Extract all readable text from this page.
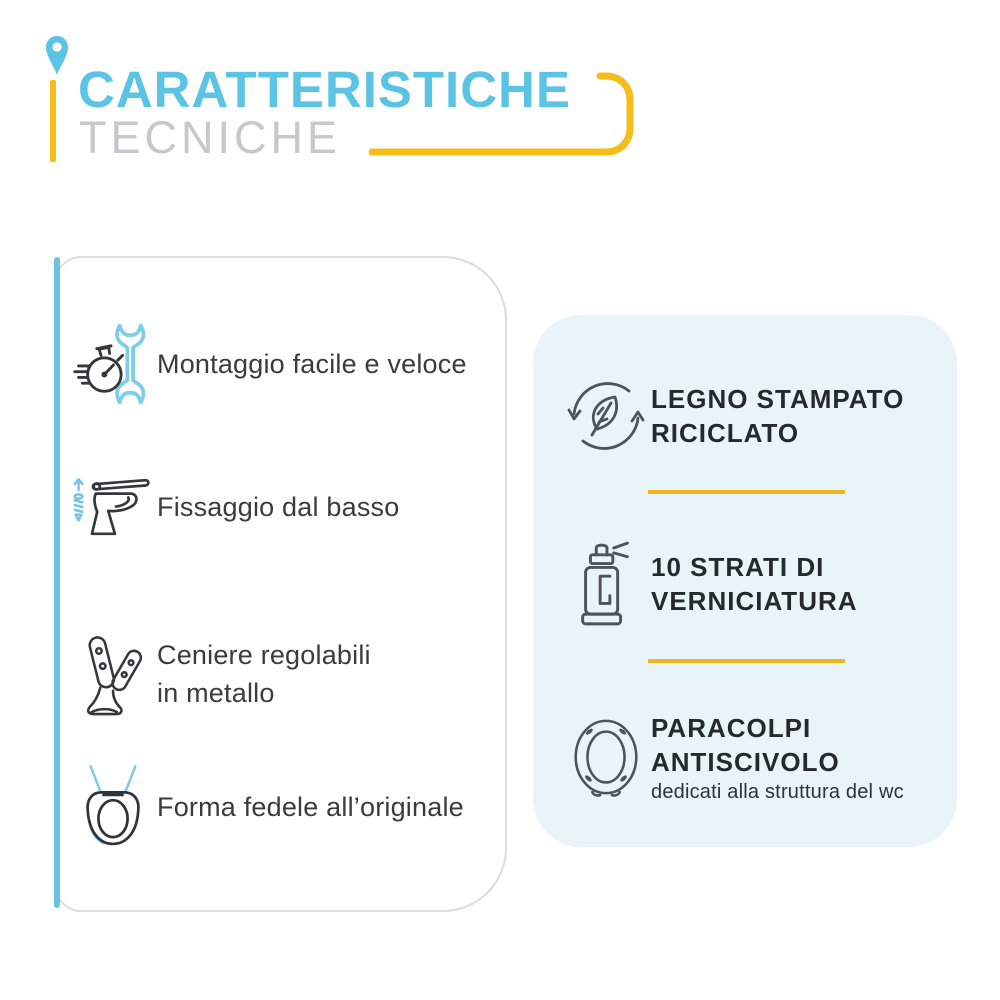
CARATTERISTICHE
TECNICHE
Montaggio facile e veloce
Fissaggio dal basso
Ceniere regolabili
in metallo
Forma fedele all’originale
LEGNO STAMPATO
RICICLATO
10 STRATI DI
VERNICIATURA
PARACOLPI
ANTISCIVOLO
dedicati alla struttura del wc
